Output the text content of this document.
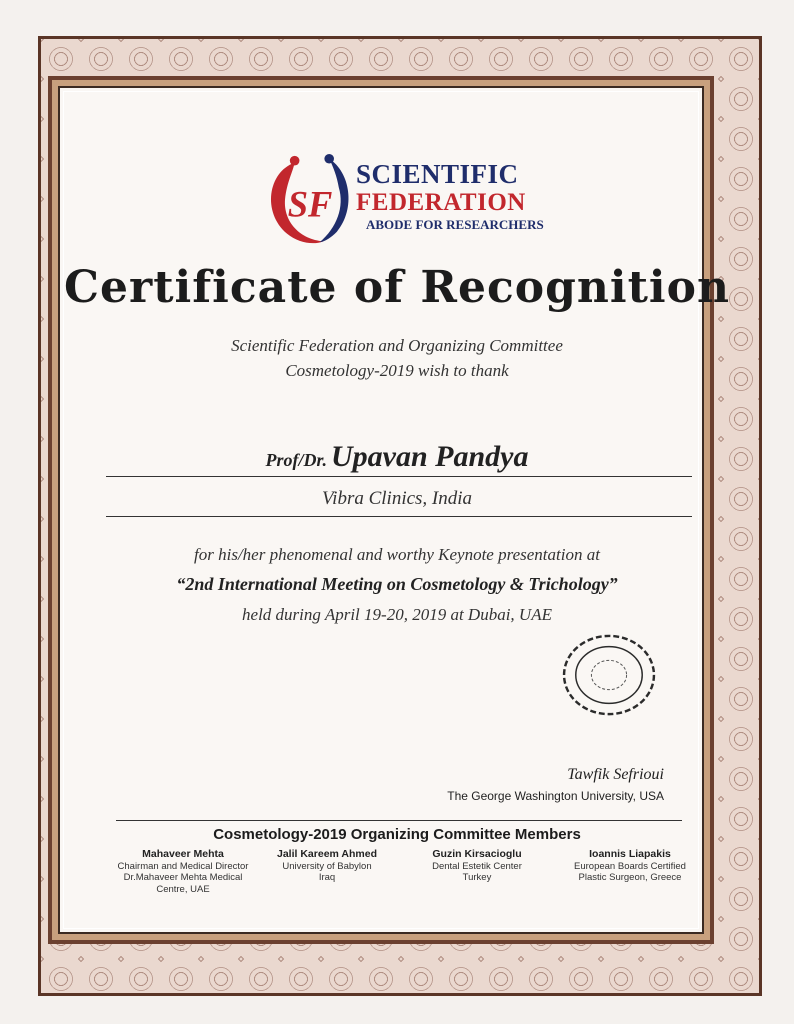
SF
SCIENTIFIC
FEDERATION
ABODE FOR RESEARCHERS
Certificate of Recognition
Scientific Federation and Organizing Committee
Cosmetology-2019 wish to thank
Prof/Dr. Upavan Pandya
Vibra Clinics, India
for his/her phenomenal and worthy Keynote presentation at
“2nd International Meeting on Cosmetology & Trichology”
held during April 19-20, 2019 at Dubai, UAE
Tawfik Sefrioui
The George Washington University, USA
Cosmetology-2019 Organizing Committee Members
Mahaveer Mehta
Chairman and Medical Director
Dr.Mahaveer Mehta Medical
Centre, UAE
Jalil Kareem Ahmed
University of Babylon
Iraq
Guzin Kirsacioglu
Dental Estetik Center
Turkey
Ioannis Liapakis
European Boards Certified
Plastic Surgeon, Greece
